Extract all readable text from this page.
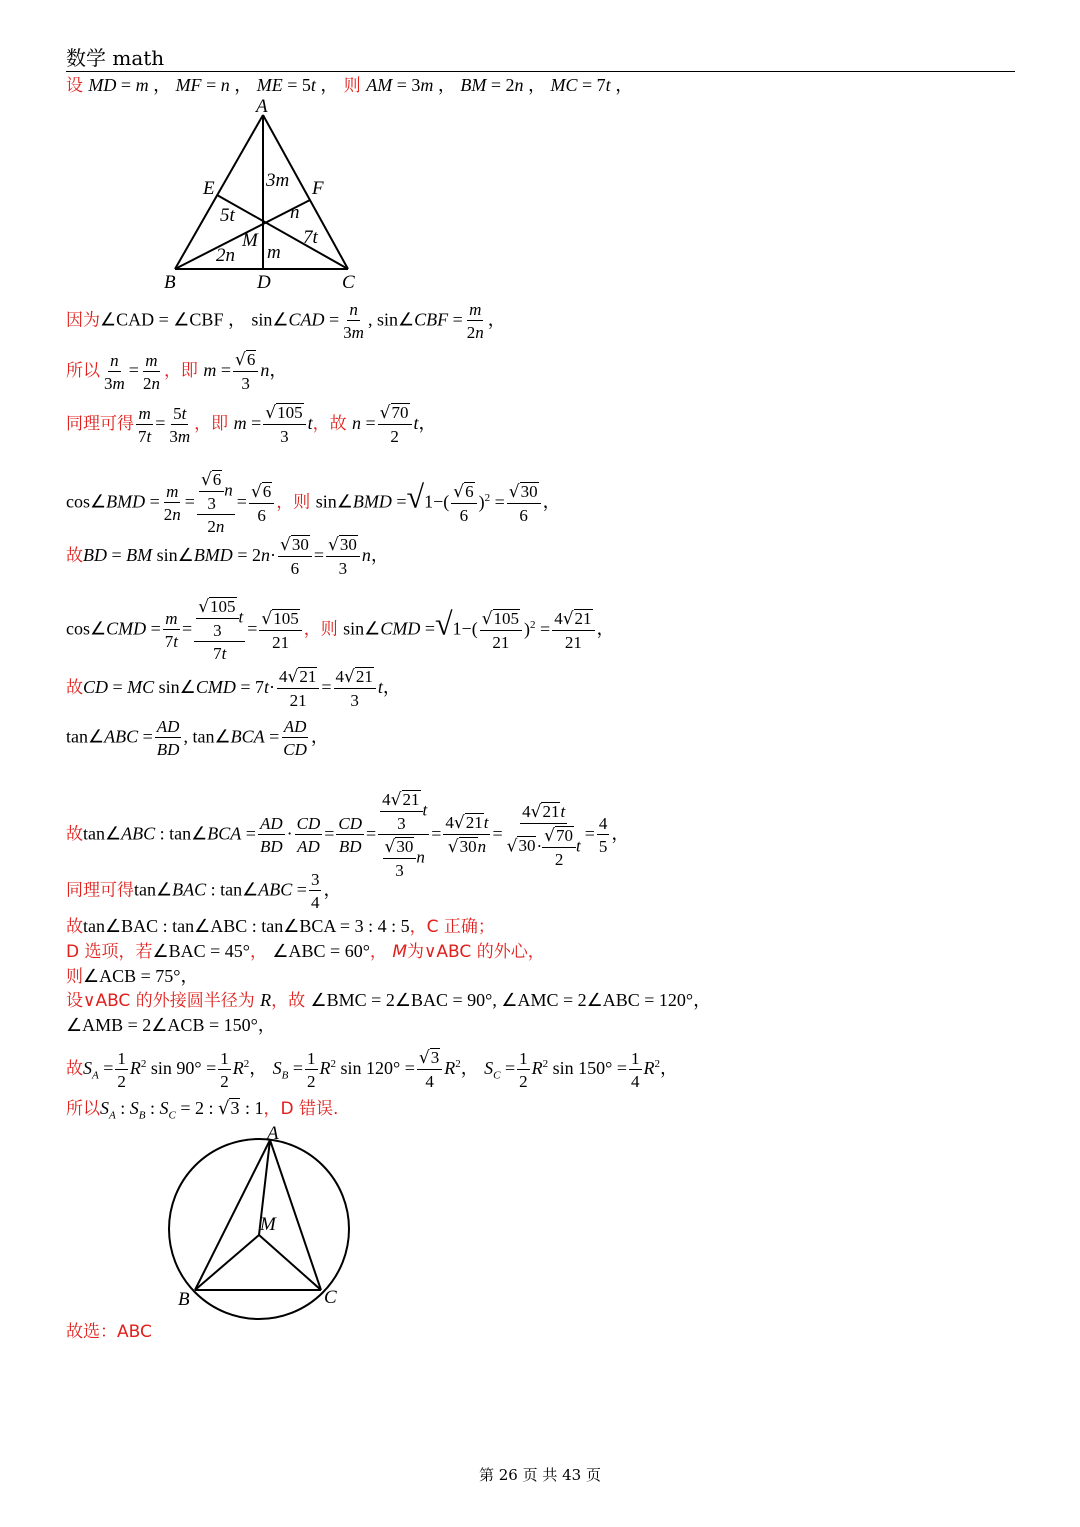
数学 math
设 MD = m ， MF = n ， ME = 5t ， 则 AM = 3m ， BM = 2n ， MC = 7t ，
A
B	C
D
E	F
M
3m
5t	n
7t
2n m
因为∠CAD = ∠CBF ， sin∠CAD = $\frac{n}{3m}$ , sin∠CBF = $\frac{m}{2n}$ ，
所以 $\frac{n}{3m} = \frac{m}{2n}$ ，即 $m = \frac{√6}{3}$ n，
同理可得 $\frac{m}{7t} = \frac{5t}{3m}$ ，即 $m = \frac{√105}{3}$ t，故 $n = \frac{√70}{2}$ t，
cos∠BMD = $\frac{m}{2n} = \frac{\frac{√6}{3} n}{2n} = \frac{√6}{6}$ ，则 sin∠BMD $=√1-( \frac{√6}{6} )^2 = \frac{√30}{6}$ ，
故BD = BM sin∠BMD = $2n\cdot \frac{√30}{6} = \frac{√30}{3}$ n，
cos∠CMD = $\frac{m}{7t} = \frac{\frac{√105}{3} t}{7t} = \frac{√105}{21}$ ，则 sin∠CMD $=√1-( \frac{√105}{21} )^2 = \frac{4√21}{21}$ ，
故CD = MC sin∠CMD = $7t\cdot \frac{4√21}{21} = \frac{4√21}{3}$ t，
tan∠ABC = $\frac{AD}{BD}$ , tan∠BCA = $\frac{AD}{CD}$ ，
故tan∠ABC : tan∠BCA = $\frac{AD}{BD} \cdot \frac{CD}{AD} = \frac{CD}{BD} = \frac{\frac{4√21}{3} t}{\frac{√30}{3} n} = \frac{4√21t}{√30n} = \frac{4√21t}{√30\cdot \frac{√70}{2} t} = \frac{4}{5}$ ，
同理可得tan∠BAC : tan∠ABC = $\frac{3}{4}$ ，
故tan∠BAC : tan∠ABC : tan∠BCA = 3 : 4 : 5，C 正确；
D 选项，若∠BAC = 45°， ∠ABC = 60°， M为∨ABC 的外心，
则∠ACB = 75°，
设∨ABC 的外接圆半径为 R，故 ∠BMC = 2∠BAC = 90°, ∠AMC = 2∠ABC = 120°，
∠AMB = 2∠ACB = 150°，
故$S_A = \frac{1}{2} R^2$ $\sin 90^\circ = \frac{1}{2} R^2$， $S_B = \frac{1}{2} R^2$ $\sin 120^\circ = \frac{√3}{4} R^2$， $S_C = \frac{1}{2} R^2$ $\sin 150^\circ = \frac{1}{4} R^2$，
所以$S_A$ : $S_B$ : $S_C = 2$ : √3 : 1，D 错误.
A
B	C
M
故选：ABC
第 26 页 共 43 页
